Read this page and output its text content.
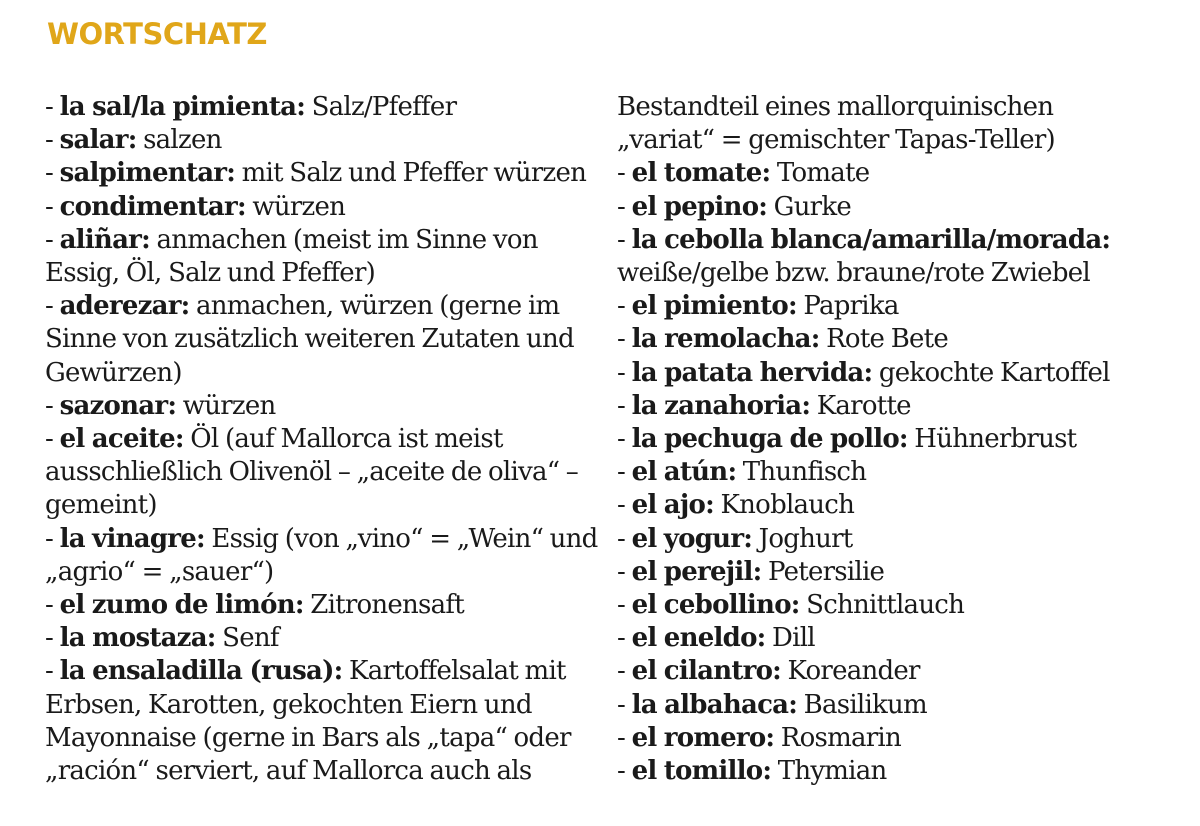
WORTSCHATZ
- la sal/la pimienta: Salz/Pfeffer
- salar: salzen
- salpimentar: mit Salz und Pfeffer würzen
- condimentar: würzen
- aliñar: anmachen (meist im Sinne von
Essig, Öl, Salz und Pfeffer)
- aderezar: anmachen, würzen (gerne im
Sinne von zusätzlich weiteren Zutaten und
Gewürzen)
- sazonar: würzen
- el aceite: Öl (auf Mallorca ist meist
ausschließlich Olivenöl – „aceite de oliva“ –
gemeint)
- la vinagre: Essig (von „vino“ = „Wein“ und
„agrio“ = „sauer“)
- el zumo de limón: Zitronensaft
- la mostaza: Senf
- la ensaladilla (rusa): Kartoffelsalat mit
Erbsen, Karotten, gekochten Eiern und
Mayonnaise (gerne in Bars als „tapa“ oder
„ración“ serviert, auf Mallorca auch als
Bestandteil eines mallorquinischen
„variat“ = gemischter Tapas-Teller)
- el tomate: Tomate
- el pepino: Gurke
- la cebolla blanca/amarilla/morada:
weiße/gelbe bzw. braune/rote Zwiebel
- el pimiento: Paprika
- la remolacha: Rote Bete
- la patata hervida: gekochte Kartoffel
- la zanahoria: Karotte
- la pechuga de pollo: Hühnerbrust
- el atún: Thunfisch
- el ajo: Knoblauch
- el yogur: Joghurt
- el perejil: Petersilie
- el cebollino: Schnittlauch
- el eneldo: Dill
- el cilantro: Koreander
- la albahaca: Basilikum
- el romero: Rosmarin
- el tomillo: Thymian
